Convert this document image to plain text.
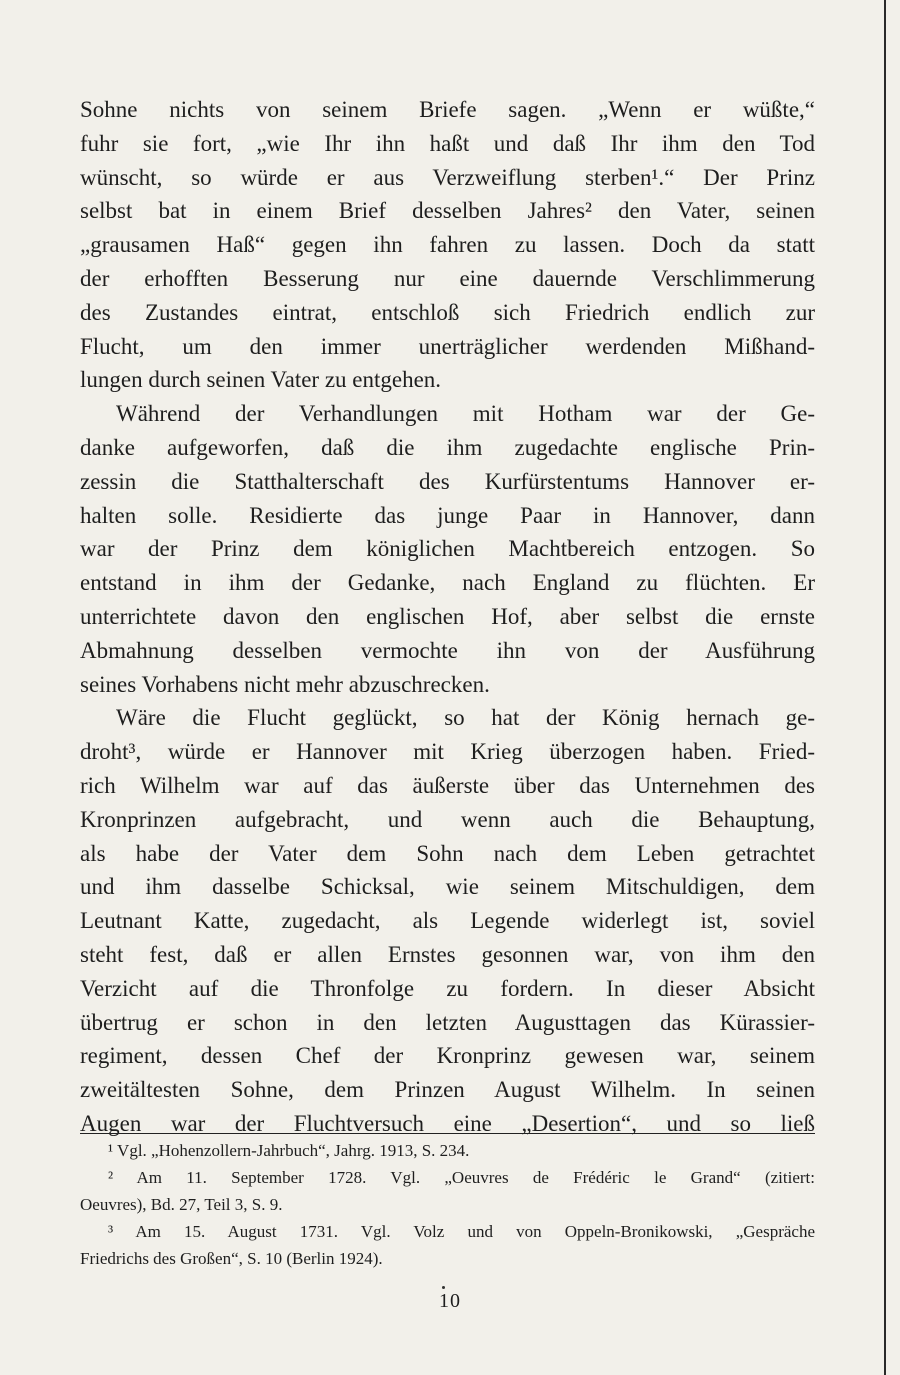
Sohne nichts von seinem Briefe sagen. „Wenn er wüßte,“
fuhr sie fort, „wie Ihr ihn haßt und daß Ihr ihm den Tod
wünscht, so würde er aus Verzweiflung sterben¹.“ Der Prinz
selbst bat in einem Brief desselben Jahres² den Vater, seinen
„grausamen Haß“ gegen ihn fahren zu lassen. Doch da statt
der erhofften Besserung nur eine dauernde Verschlimmerung
des Zustandes eintrat, entschloß sich Friedrich endlich zur
Flucht, um den immer unerträglicher werdenden Mißhand-
lungen durch seinen Vater zu entgehen.
Während der Verhandlungen mit Hotham war der Ge-
danke aufgeworfen, daß die ihm zugedachte englische Prin-
zessin die Statthalterschaft des Kurfürstentums Hannover er-
halten solle. Residierte das junge Paar in Hannover, dann
war der Prinz dem königlichen Machtbereich entzogen. So
entstand in ihm der Gedanke, nach England zu flüchten. Er
unterrichtete davon den englischen Hof, aber selbst die ernste
Abmahnung desselben vermochte ihn von der Ausführung
seines Vorhabens nicht mehr abzuschrecken.
Wäre die Flucht geglückt, so hat der König hernach ge-
droht³, würde er Hannover mit Krieg überzogen haben. Fried-
rich Wilhelm war auf das äußerste über das Unternehmen des
Kronprinzen aufgebracht, und wenn auch die Behauptung,
als habe der Vater dem Sohn nach dem Leben getrachtet
und ihm dasselbe Schicksal, wie seinem Mitschuldigen, dem
Leutnant Katte, zugedacht, als Legende widerlegt ist, soviel
steht fest, daß er allen Ernstes gesonnen war, von ihm den
Verzicht auf die Thronfolge zu fordern. In dieser Absicht
übertrug er schon in den letzten Augusttagen das Kürassier-
regiment, dessen Chef der Kronprinz gewesen war, seinem
zweitältesten Sohne, dem Prinzen August Wilhelm. In seinen
Augen war der Fluchtversuch eine „Desertion“, und so ließ
¹ Vgl. „Hohenzollern-Jahrbuch“, Jahrg. 1913, S. 234.
² Am 11. September 1728. Vgl. „Oeuvres de Frédéric le Grand“ (zitiert:
Oeuvres), Bd. 27, Teil 3, S. 9.
³ Am 15. August 1731. Vgl. Volz und von Oppeln-Bronikowski, „Gespräche
Friedrichs des Großen“, S. 10 (Berlin 1924).
10
